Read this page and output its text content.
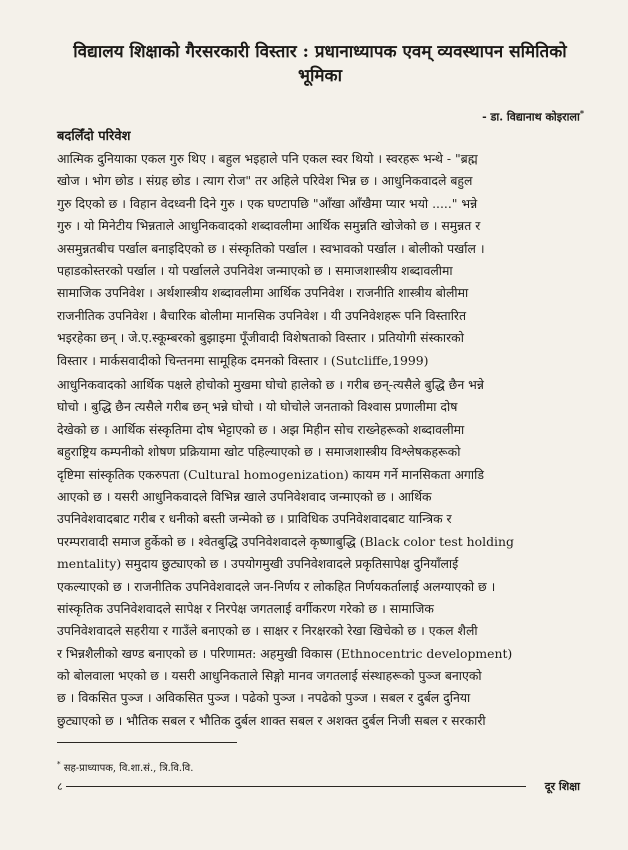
विद्यालय शिक्षाको गैरसरकारी विस्तार : प्रधानाध्यापक एवम् व्यवस्थापन समितिको भूमिका
- डा. विद्यानाथ कोइराला*
बदलिँदो परिवेश
आत्मिक दुनियाका एकल गुरु थिए । बहुल भइहाले पनि एकल स्वर थियो । स्वरहरू भन्थे - "ब्रह्म
खोज । भोग छोड । संग्रह छोड । त्याग रोज" तर अहिले परिवेश भिन्न छ । आधुनिकवादले बहुल
गुरु दिएको छ । विहान वेदध्वनी दिने गुरु । एक घण्टापछि "आँखा आँखैमा प्यार भयो ....." भन्ने
गुरु । यो मिनेटीय भिन्नताले आधुनिकवादको शब्दावलीमा आर्थिक समुन्नति खोजेको छ । समुन्नत र
असमुन्नतबीच पर्खाल बनाइदिएको छ । संस्कृतिको पर्खाल । स्वभावको पर्खाल । बोलीको पर्खाल ।
पहाडकोस्तरको पर्खाल । यो पर्खालले उपनिवेश जन्माएको छ । समाजशास्त्रीय शब्दावलीमा
सामाजिक उपनिवेश । अर्थशास्त्रीय शब्दावलीमा आर्थिक उपनिवेश । राजनीति शास्त्रीय बोलीमा
राजनीतिक उपनिवेश । बैचारिक बोलीमा मानसिक उपनिवेश । यी उपनिवेशहरू पनि विस्तारित
भइरहेका छन् । जे.ए.स्कूम्बरको बुझाइमा पूँजीवादी विशेषताको विस्तार । प्रतियोगी संस्कारको
विस्तार । मार्कसवादीको चिन्तनमा सामूहिक दमनको विस्तार । (Sutcliffe,1999)
आधुनिकवादको आर्थिक पक्षले होचोको मुखमा घोचो हालेको छ । गरीब छन्-त्यसैले बुद्धि छैन भन्ने
घोचो । बुद्धि छैन त्यसैले गरीब छन् भन्ने घोचो । यो घोचोले जनताको विश्वास प्रणालीमा दोष
देखेको छ । आर्थिक संस्कृतिमा दोष भेट्टाएको छ । अझ मिहीन सोच राख्नेहरूको शब्दावलीमा
बहुराष्ट्रिय कम्पनीको शोषण प्रक्रियामा खोट पहिल्याएको छ । समाजशास्त्रीय विश्लेषकहरूको
दृष्टिमा सांस्कृतिक एकरुपता (Cultural homogenization) कायम गर्ने मानसिकता अगाडि
आएको छ । यसरी आधुनिकवादले विभिन्न खाले उपनिवेशवाद जन्माएको छ । आर्थिक
उपनिवेशवादबाट गरीब र धनीको बस्ती जन्मेको छ । प्राविधिक उपनिवेशवादबाट यान्त्रिक र
परम्परावादी समाज हुर्केको छ । श्वेतबुद्धि उपनिवेशवादले कृष्णाबुद्धि (Black color test holding
mentality) समुदाय छुट्याएको छ । उपयोगमुखी उपनिवेशवादले प्रकृतिसापेक्ष दुनियाँलाई
एकल्याएको छ । राजनीतिक उपनिवेशवादले जन-निर्णय र लोकहित निर्णयकर्तालाई अलग्याएको छ ।
सांस्कृतिक उपनिवेशवादले सापेक्ष र निरपेक्ष जगतलाई वर्गीकरण गरेको छ । सामाजिक
उपनिवेशवादले सहरीया र गाउँले बनाएको छ । साक्षर र निरक्षरको रेखा खिचेको छ । एकल शैली
र भिन्नशैलीको खण्ड बनाएको छ । परिणामत: अहमुखी विकास (Ethnocentric development)
को बोलवाला भएको छ । यसरी आधुनिकताले सिङ्गो मानव जगतलाई संस्थाहरूको पुञ्ज बनाएको
छ । विकसित पुञ्ज । अविकसित पुञ्ज । पढेको पुञ्ज । नपढेको पुञ्ज । सबल र दुर्बल दुनिया
छुट्याएको छ । भौतिक सबल र भौतिक दुर्बल शाक्त सबल र अशक्त दुर्बल निजी सबल र सरकारी
* सह-प्राध्यापक, वि.शा.सं., त्रि.वि.वि.
८	दूर शिक्षा
